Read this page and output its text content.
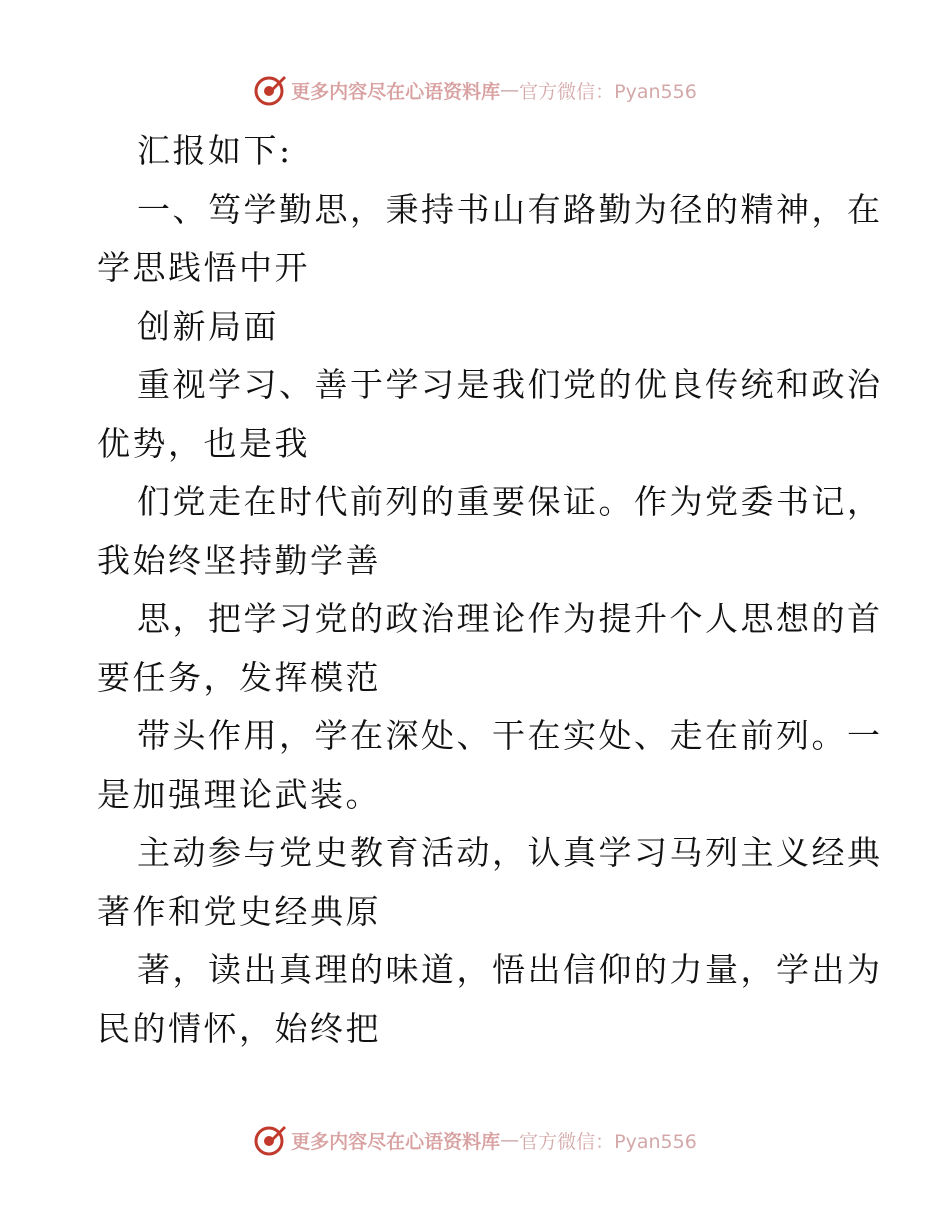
更多内容尽在心语资料库 — 官方微信：Pyan556
汇报如下:
一、笃学勤思，秉持书山有路勤为径的精神，在
学思践悟中开
创新局面
重视学习、善于学习是我们党的优良传统和政治
优势，也是我
们党走在时代前列的重要保证。作为党委书记，
我始终坚持勤学善
思，把学习党的政治理论作为提升个人思想的首
要任务，发挥模范
带头作用，学在深处、干在实处、走在前列。一
是加强理论武装。
主动参与党史教育活动，认真学习马列主义经典
著作和党史经典原
著，读出真理的味道，悟出信仰的力量，学出为
民的情怀，始终把
更多内容尽在心语资料库 — 官方微信：Pyan556
